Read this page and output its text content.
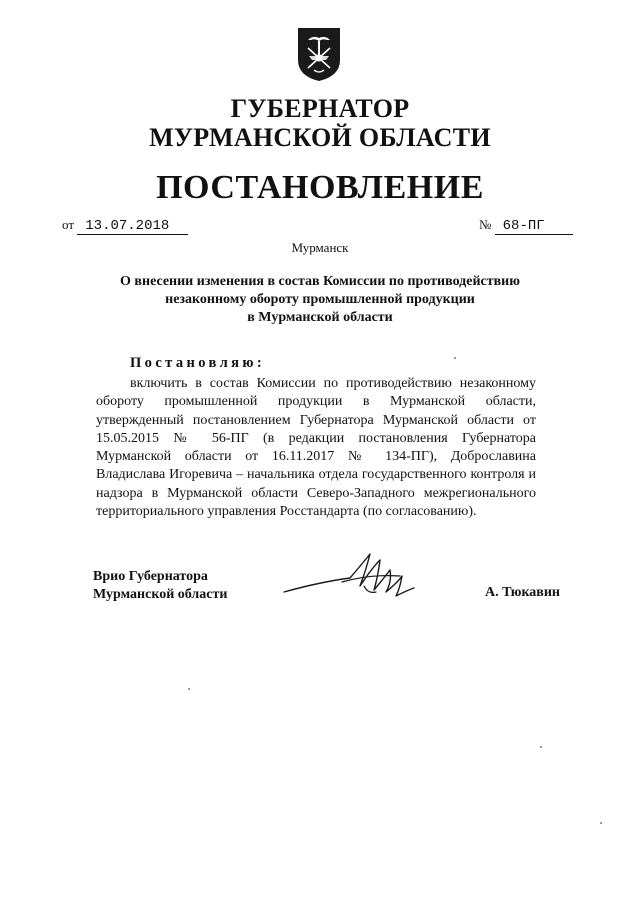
ГУБЕРНАТОР
МУРМАНСКОЙ ОБЛАСТИ
ПОСТАНОВЛЕНИЕ
от 13.07.2018	№ 68-ПГ
Мурманск
О внесении изменения в состав Комиссии по противодействию
незаконному обороту промышленной продукции
в Мурманской области
Постановляю:
включить в состав Комиссии по противодействию незаконному обороту промышленной продукции в Мурманской области, утвержденный постановлением Губернатора Мурманской области от 15.05.2015 № 56-ПГ (в редакции постановления Губернатора Мурманской области от 16.11.2017 № 134-ПГ), Доброславина Владислава Игоревича – начальника отдела государственного контроля и надзора в Мурманской области Северо-Западного межрегионального территориального управления Росстандарта (по согласованию).
Врио Губернатора
Мурманской области	А. Тюкавин
